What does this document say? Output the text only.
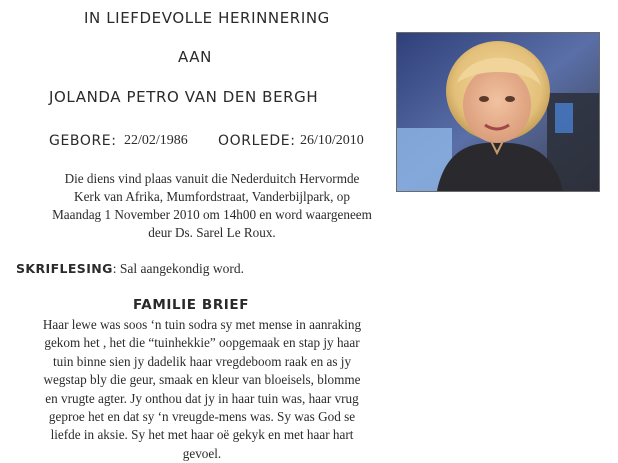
IN LIEFDEVOLLE HERINNERING
AAN
JOLANDA PETRO VAN DEN BERGH
GEBORE: 22/02/1986 OORLEDE: 26/10/2010
Die diens vind plaas vanuit die Nederduitch Hervormde
Kerk van Afrika, Mumfordstraat, Vanderbijlpark, op
Maandag 1 November 2010 om 14h00 en word waargeneem
deur Ds. Sarel Le Roux.
SKRIFLESING: Sal aangekondig word.
FAMILIE BRIEF
Haar lewe was soos ‘n tuin sodra sy met mense in aanraking
gekom het , het die “tuinhekkie” oopgemaak en stap jy haar
tuin binne sien jy dadelik haar vregdeboom raak en as jy
wegstap bly die geur, smaak en kleur van bloeisels, blomme
en vrugte agter. Jy onthou dat jy in haar tuin was, haar vrug
geproe het en dat sy ‘n vreugde-mens was. Sy was God se
liefde in aksie. Sy het met haar oë gekyk en met haar hart
gevoel.
